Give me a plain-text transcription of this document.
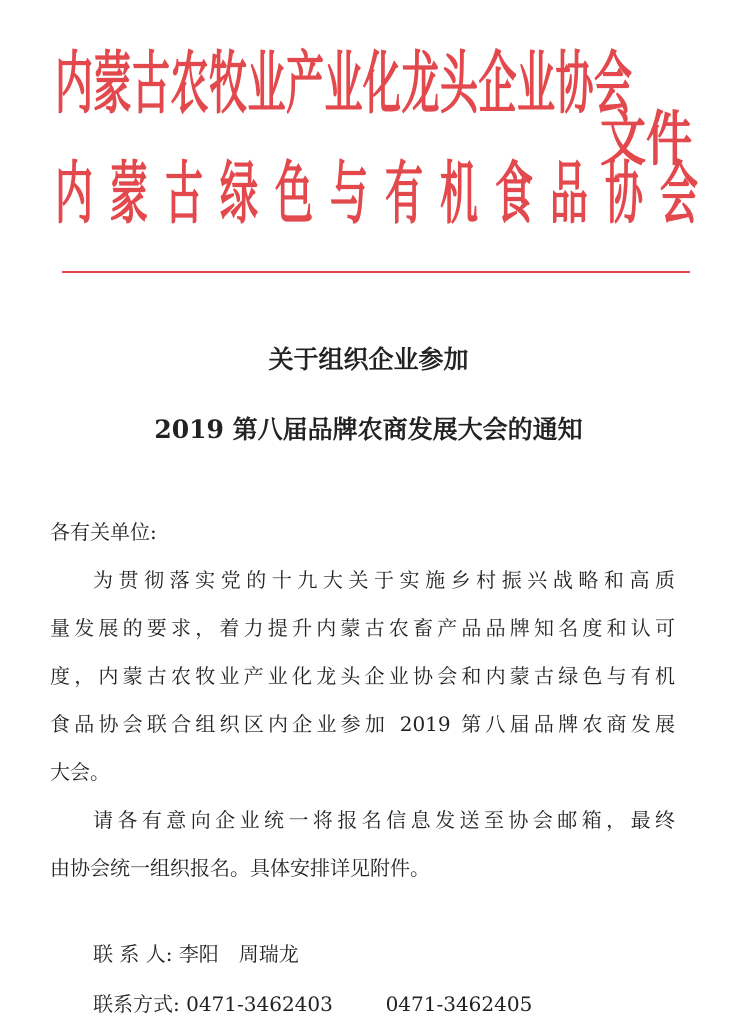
内蒙古农牧业产业化龙头企业协会
内蒙古绿色与有机食品协会
文件
关于组织企业参加
2019 第八届品牌农商发展大会的通知
各有关单位:
为贯彻落实党的十九大关于实施乡村振兴战略和高质
量发展的要求，着力提升内蒙古农畜产品品牌知名度和认可
度，内蒙古农牧业产业化龙头企业协会和内蒙古绿色与有机
食品协会联合组织区内企业参加 2019 第八届品牌农商发展
大会。
请各有意向企业统一将报名信息发送至协会邮箱，最终
由协会统一组织报名。具体安排详见附件。
联 系 人: 李阳　周瑞龙
联系方式: 0471-3462403	0471-3462405
